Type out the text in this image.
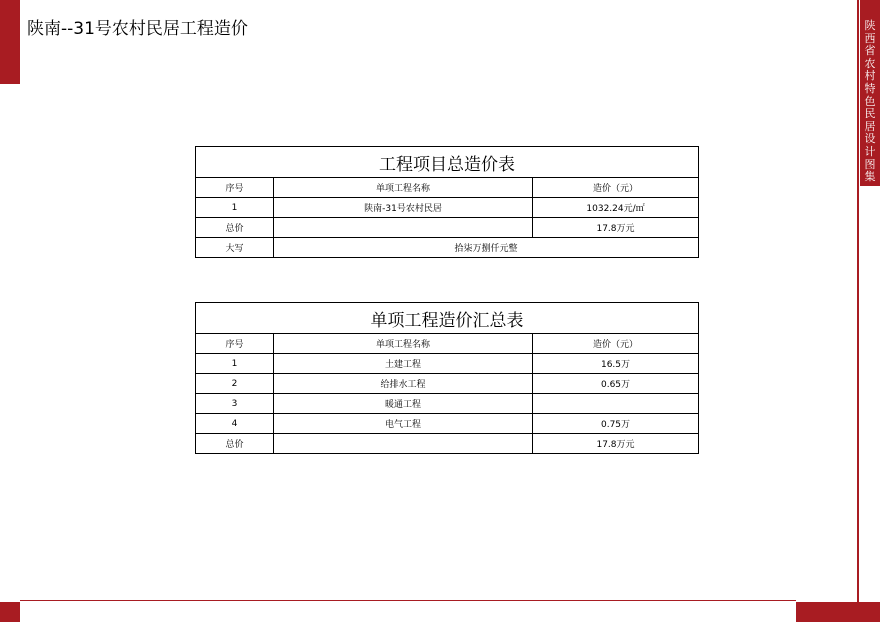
陕南--31号农村民居工程造价	陕西省农村特色民居设计图集
工程项目总造价表		
序号	单项工程名称	造价（元）
1	陕南-31号农村民居	1032.24元/㎡
总价		17.8万元
大写	拾柒万捌仟元整	
单项工程造价汇总表		
序号	单项工程名称	造价（元）
1	土建工程	16.5万
2	给排水工程	0.65万
3	暖通工程	
4	电气工程	0.75万
总价		17.8万元
